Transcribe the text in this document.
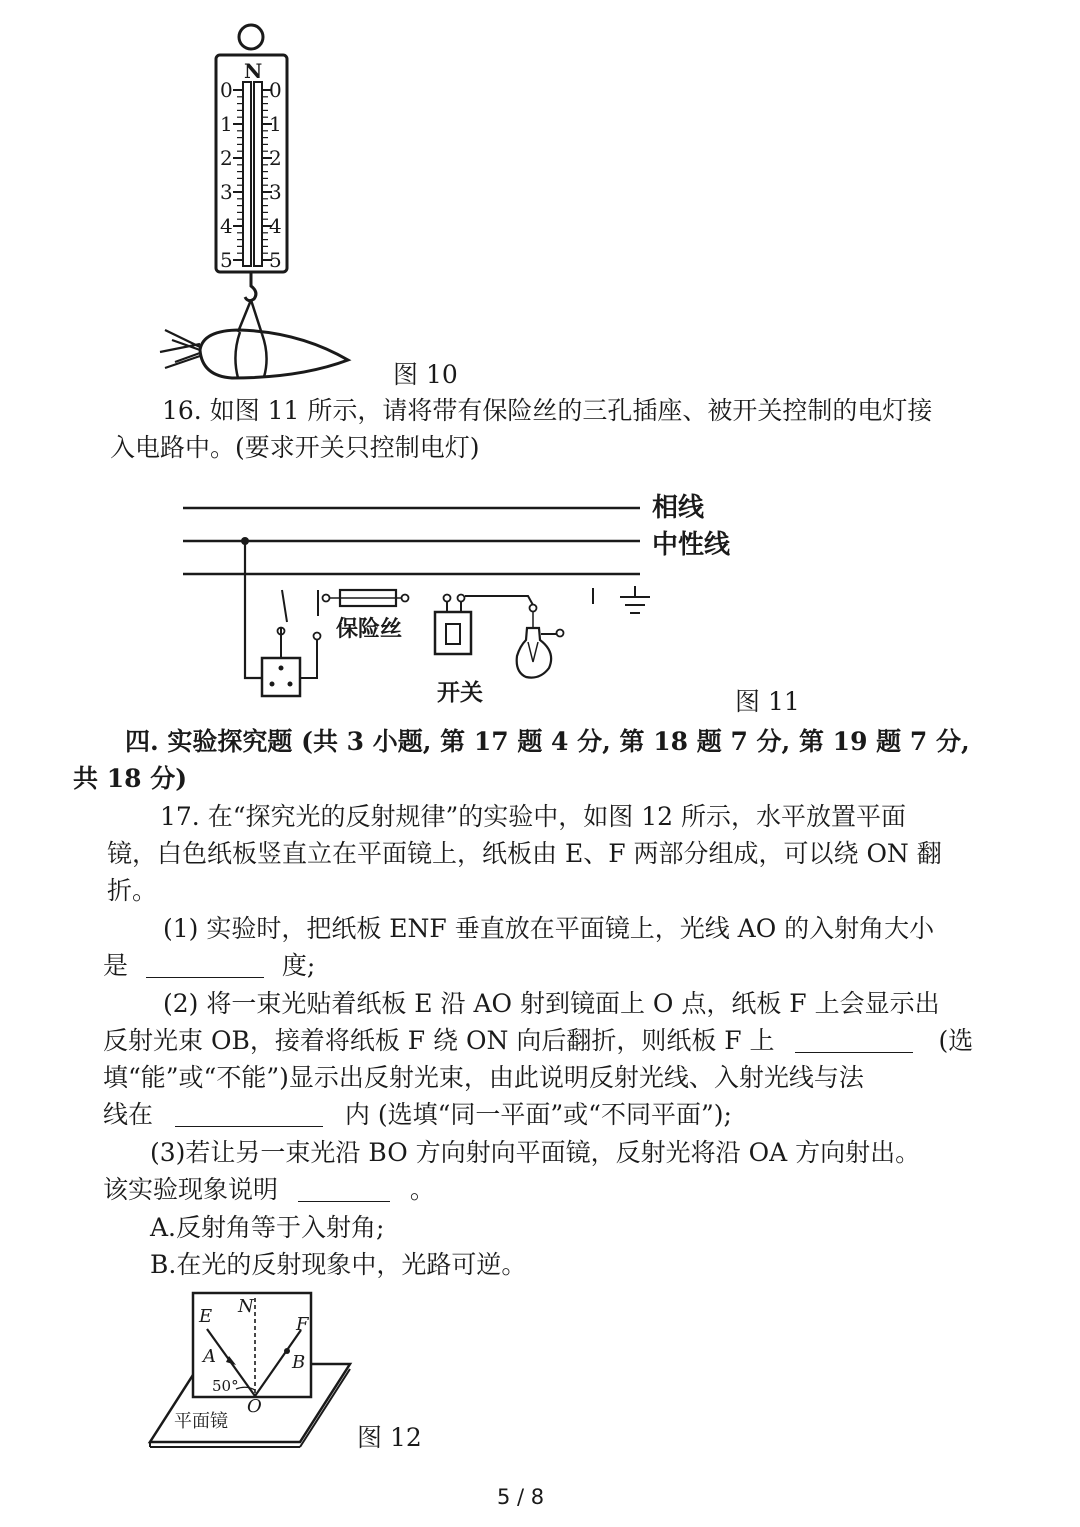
N
0
1
2
3
4
5
0
1
2
3
4
5
图 10
16. 如图 11 所示，请将带有保险丝的三孔插座、被开关控制的电灯接
入电路中。(要求开关只控制电灯)
相线
中性线
保险丝
开关	图 11
四. 实验探究题 (共 3 小题, 第 17 题 4 分, 第 18 题 7 分, 第 19 题 7 分,
共 18 分)
17. 在“探究光的反射规律”的实验中，如图 12 所示，水平放置平面
镜，白色纸板竖直立在平面镜上，纸板由 E、F 两部分组成，可以绕 ON 翻
折。
(1) 实验时，把纸板 ENF 垂直放在平面镜上，光线 AO 的入射角大小
是	度;
(2) 将一束光贴着纸板 E 沿 AO 射到镜面上 O 点，纸板 F 上会显示出
反射光束 OB，接着将纸板 F 绕 ON 向后翻折，则纸板 F 上	(选
填“能”或“不能”)显示出反射光束，由此说明反射光线、入射光线与法
线在	内 (选填“同一平面”或“不同平面”);
(3)若让另一束光沿 BO 方向射向平面镜，反射光将沿 OA 方向射出。
该实验现象说明	。
A.反射角等于入射角;
B.在光的反射现象中，光路可逆。
E N
F
A	B
50°
O
平面镜
图 12
5 / 8
